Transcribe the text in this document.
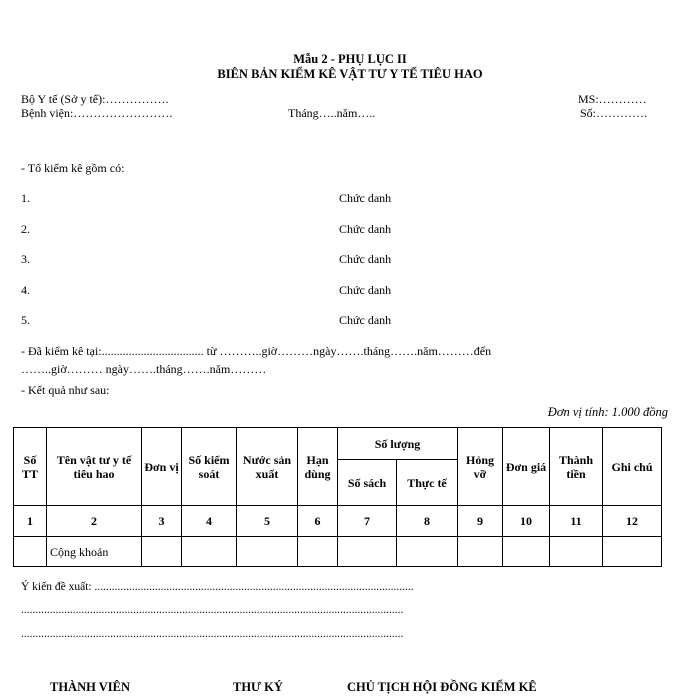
Mẫu 2 - PHỤ LỤC II
BIÊN BẢN KIỂM KÊ VẬT TƯ Y TẾ TIÊU HAO
Bộ Y tế (Sở y tế):…………….	MS:…………
Bệnh viện:…………………….	Tháng…..năm…..	Số:………….
- Tổ kiểm kê gồm có:
1.	Chức danh
2.	Chức danh
3.	Chức danh
4.	Chức danh
5.	Chức danh
- Đã kiểm kê tại:.................................. từ ………..giờ………ngày…….tháng…….năm………đến
……..giờ……… ngày…….tháng…….năm………
- Kết quả như sau:
Đơn vị tính: 1.000 đồng
Số TT	Tên vật tư y tế tiêu hao	Đơn vị	Số kiểm soát	Nước sản xuất	Hạn dùng	Số lượng		Hỏng vỡ	Đơn giá	Thành tiền	Ghi chú
						Số sách	Thực tế				
1	2	3	4	5	6	7	8	9	10	11	12
	Cộng khoản										
Ý kiến đề xuất: ...............................................................................................................
.....................................................................................................................................
.....................................................................................................................................
THÀNH VIÊN	THƯ KÝ	CHỦ TỊCH HỘI ĐỒNG KIỂM KÊ
